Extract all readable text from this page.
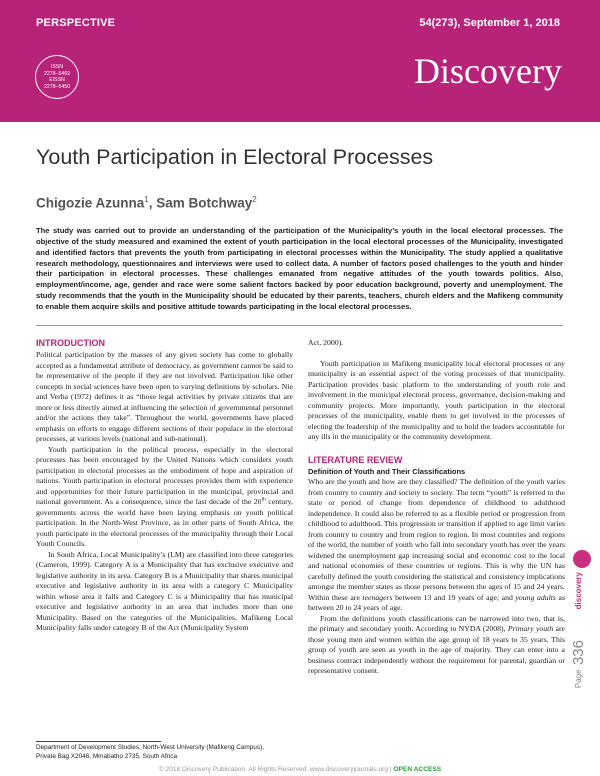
PERSPECTIVE	54(273), September 1, 2018
ISSN
2278–5469
EISSN
2278–5450	Discovery
Youth Participation in Electoral Processes
Chigozie Azunna$^1$, Sam Botchway$^2$
The study was carried out to provide an understanding of the participation of the Municipality’s youth in the local electoral processes. The objective of the study measured and examined the extent of youth participation in the local electoral processes of the Municipality, investigated and identified factors that prevents the youth from participating in electoral processes within the Municipality. The study applied a qualitative research methodology, questionnaires and interviews were used to collect data. A number of factors posed challenges to the youth and hinder their participation in electoral processes. These challenges emanated from negative attitudes of the youth towards politics. Also, employment/income, age, gender and race were some salient factors backed by poor education background, poverty and unemployment. The study recommends that the youth in the Municipality should be educated by their parents, teachers, church elders and the Mafikeng community to enable them acquire skills and positive attitude towards participating in the local electoral processes.
INTRODUCTION

Political participation by the masses of any given society has come to globally accepted as a fundamental attribute of democracy, as government cannot be said to be representative of the people if they are not involved. Participation like other concepts in social sciences have been open to varying definitions by scholars. Nie and Verba (1972) defines it as “those legal activities by private citizens that are more or less directly aimed at influencing the selection of governmental personnel and/or the actions they take”. Throughout the world, governments have placed emphasis on efforts to engage different sections of their populace in the electoral processes, at various levels (national and sub-national).

Youth participation in the political process, especially in the electoral processes has been encouraged by the United Nations which considers youth participation in electoral processes as the embodiment of hope and aspiration of nations. Youth participation in electoral processes provides them with experience and opportunities for their future participation in the municipal, provincial and national government. As a consequence, since the last decade of the 20th century, governments across the world have been laying emphasis on youth political participation. In the North-West Province, as in other parts of South Africa, the youth participate in the electoral processes of the municipality through their Local Youth Councils.

In South Africa, Local Municipality’s (LM) are classified into three categories (Cameron, 1999). Category A is a Municipality that has exclusive executive and legislative authority in its area. Category B is a Municipality that shares municipal executive and legislative authority in its area with a category C Municipality within whose area it falls and Category C is a Municipality that has municipal executive and legislative authority in an area that includes more than one Municipality. Based on the categories of the Municipalities, Mafikeng Local Municipality falls under category B of the Act (Municipality System

Act, 2000).

Youth participation in Mafikeng municipality local electoral processes or any municipality is an essential aspect of the voting processes of that municipality. Participation provides basic platform to the understanding of youth role and involvement in the municipal electoral process, governance, decision-making and community projects. More importantly, youth participation in the electoral processes of the municipality, enable them to get involved in the processes of electing the leadership of the municipality and to hold the leaders accountable for any ills in the municipality or the community development.

LITERATURE REVIEW
Definition of Youth and Their Classifications

Who are the youth and how are they classified? The definition of the youth varies from country to country and society to society. The term “youth” is referred to the state or period of change from dependence of childhood to adulthood independence. It could also be referred to as a flexible period or progression from childhood to adulthood. This progression or transition if applied to age limit varies from country to country and from region to region. In most countries and regions of the world, the number of youth who fall into secondary youth has over the years widened the unemployment gap increasing social and economic cost to the local and national economies of these countries or regions. This is why the UN has carefully defined the youth considering the statistical and consistency implications amongst the member states as those persons between the ages of 15 and 24 years. Within these are teenagers between 13 and 19 years of age; and young adults as between 20 to 24 years of age.

From the definitions youth classifications can be narrowed into two, that is, the primary and secondary youth. According to NYDA (2008), Primary youth are those young men and women within the age group of 18 years to 35 years. This group of youth are seen as youth in the age of majority. They can enter into a business contract independently without the requirement for parental, guardian or representative consent.

Department of Development Studies, North-West University (Mafikeng Campus),
Private Bag X2046, Mmabatho 2735, South Africa
discovery
Page 336
© 2018 Discovery Publication. All Rights Reserved. www.discoveryjournals.org | OPEN ACCESS
